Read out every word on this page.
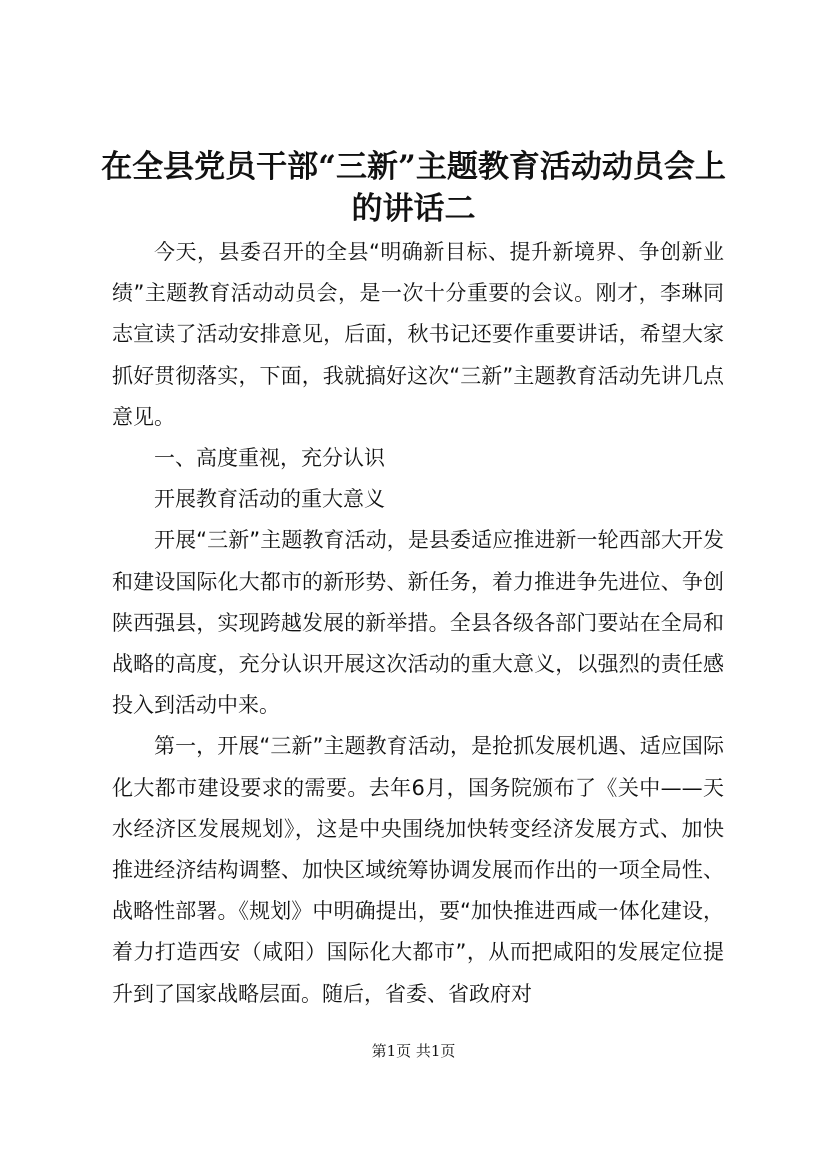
在全县党员干部“三新”主题教育活动动员会上的讲话二

今天，县委召开的全县“明确新目标、提升新境界、争创新业绩”主题教育活动动员会，是一次十分重要的会议。刚才，李琳同志宣读了活动安排意见，后面，秋书记还要作重要讲话，希望大家抓好贯彻落实，下面，我就搞好这次“三新”主题教育活动先讲几点意见。

一、高度重视，充分认识

开展教育活动的重大意义

开展“三新”主题教育活动，是县委适应推进新一轮西部大开发和建设国际化大都市的新形势、新任务，着力推进争先进位、争创陕西强县，实现跨越发展的新举措。全县各级各部门要站在全局和战略的高度，充分认识开展这次活动的重大意义，以强烈的责任感投入到活动中来。

第一，开展“三新”主题教育活动，是抢抓发展机遇、适应国际化大都市建设要求的需要。去年6月，国务院颁布了《关中——天水经济区发展规划》，这是中央围绕加快转变经济发展方式、加快推进经济结构调整、加快区域统筹协调发展而作出的一项全局性、战略性部署。《规划》中明确提出，要“加快推进西咸一体化建设，着力打造西安（咸阳）国际化大都市”，从而把咸阳的发展定位提升到了国家战略层面。随后，省委、省政府对

第1页 共1页
